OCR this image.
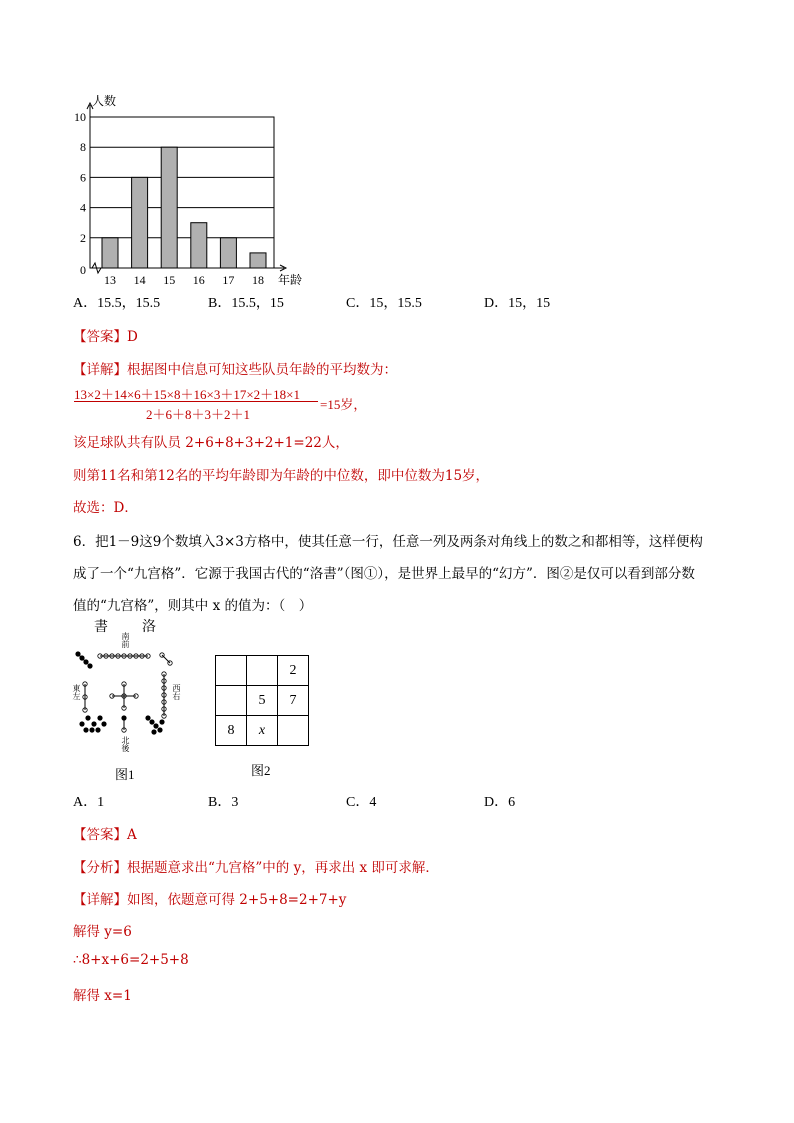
0
2
4
6
8
10
人数
年龄
13 14 15 16 17 18
A．15.5，15.5	B．15.5，15	C．15，15.5	D．15，15
【答案】D
【详解】根据图中信息可知这些队员年龄的平均数为：
13×2＋14×6＋15×8＋16×3＋17×2＋18×1
2＋6＋8＋3＋2＋1
=15岁，
该足球队共有队员 2+6+8+3+2+1=22人，
则第11名和第12名的平均年龄即为年龄的中位数，即中位数为15岁，
故选：D．
6．把1－9这9个数填入3×3方格中，使其任意一行，任意一列及两条对角线上的数之和都相等，这样便构
成了一个“九宫格”．它源于我国古代的“洛書”（图①），是世界上最早的“幻方”．图②是仅可以看到部分数
值的“九宫格”，则其中 x 的值为：（　）
書 洛
南前
東左	西右
北後
图1
		2
	5	7
8	x	
图2
A．1	B．3	C．4	D．6
【答案】A
【分析】根据题意求出“九宫格”中的 y，再求出 x 即可求解．
【详解】如图，依题意可得 2+5+8=2+7+y
解得 y=6
∴8+x+6=2+5+8
解得 x=1
